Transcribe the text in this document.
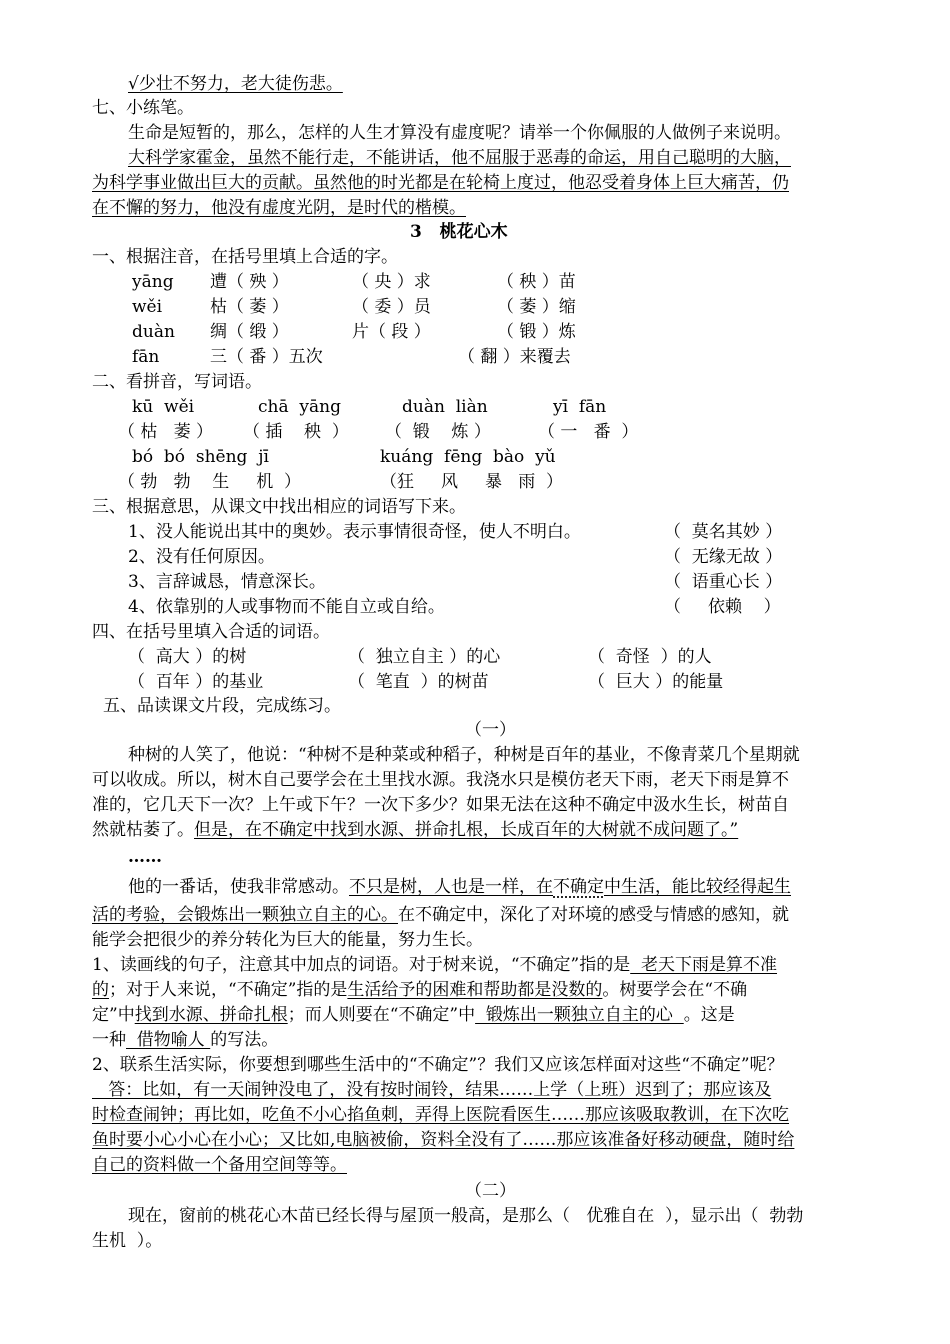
√少壮不努力，老大徒伤悲。
七、小练笔。
生命是短暂的，那么，怎样的人生才算没有虚度呢？请举一个你佩服的人做例子来说明。
大科学家霍金，虽然不能行走，不能讲话，他不屈服于恶毒的命运，用自己聪明的大脑，
为科学事业做出巨大的贡献。虽然他的时光都是在轮椅上度过，他忍受着身体上巨大痛苦，仍
在不懈的努力，他没有虚度光阴，是时代的楷模。
3   桃花心木
一、根据注音，在括号里填上合适的字。
yāng 遭（ 殃 ）	（ 央 ）求	（ 秧 ）苗
wěi	枯（ 萎 ）	（ 委 ）员	（ 萎 ）缩
duàn 绸（ 缎 ）	片（ 段 ）	（ 锻 ）炼
fān	三（ 番 ）五次	（ 翻 ）来覆去
二、看拼音，写词语。
kū  wěi	chā  yāng	duàn  liàn	yī  fān
（ 枯   萎 ） （ 插    秧  ） （  锻    炼 ）	（ 一   番  ）
bó  bó  shēng  jī	kuáng  fēng  bào  yǔ
（ 勃   勃    生     机  ）	（狂     风     暴   雨  ）
三、根据意思，从课文中找出相应的词语写下来。
1、没人能说出其中的奥妙。表示事情很奇怪，使人不明白。	（  莫名其妙 ）
2、没有任何原因。	（  无缘无故 ）
3、言辞诚恳，情意深长。	（  语重心长 ）
4、依靠别的人或事物而不能自立或自给。	（     依赖    ）
四、在括号里填入合适的词语。
（  高大 ）的树	（  独立自主 ）的心	（  奇怪  ）的人
（  百年 ）的基业	（  笔直  ）的树苗	（  巨大 ）的能量
五、品读课文片段，完成练习。
（一）
种树的人笑了，他说：“种树不是种菜或种稻子，种树是百年的基业，不像青菜几个星期就
可以收成。所以，树木自己要学会在土里找水源。我浇水只是模仿老天下雨，老天下雨是算不
准的，它几天下一次？上午或下午？一次下多少？如果无法在这种不确定中汲水生长，树苗自
然就枯萎了。但是，在不确定中找到水源、拼命扎根，长成百年的大树就不成问题了。”
……
他的一番话，使我非常感动。不只是树，人也是一样，在不确定中生活，能比较经得起生
活的考验，会锻炼出一颗独立自主的心。在不确定中，深化了对环境的感受与情感的感知，就
能学会把很少的养分转化为巨大的能量，努力生长。
1、读画线的句子，注意其中加点的词语。对于树来说，“不确定”指的是  老天下雨是算不准
的；对于人来说，“不确定”指的是生活给予的困难和帮助都是没数的。树要学会在“不确
定”中找到水源、拼命扎根；而人则要在“不确定”中  锻炼出一颗独立自主的心  。这是
一种  借物喻人 的写法。
2、联系生活实际，你要想到哪些生活中的“不确定”？我们又应该怎样面对这些“不确定”呢？
答：比如，有一天闹钟没电了，没有按时闹铃，结果……上学（上班）迟到了；那应该及
时检查闹钟；再比如，吃鱼不小心掐鱼刺，弄得上医院看医生……那应该吸取教训，在下次吃
鱼时要小心小心在小心；又比如,电脑被偷，资料全没有了……那应该准备好移动硬盘，随时给
自己的资料做一个备用空间等等。
（二）
现在，窗前的桃花心木苗已经长得与屋顶一般高，是那么（   优雅自在  ），显示出（  勃勃
生机  ）。
